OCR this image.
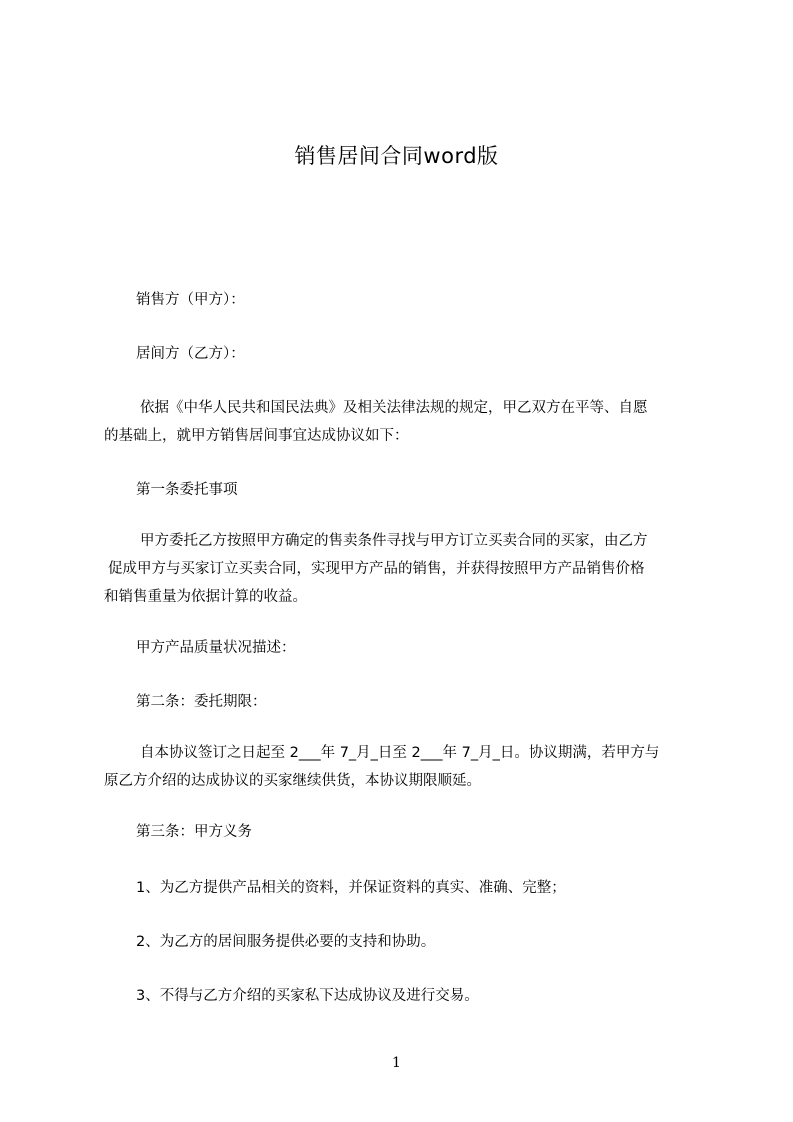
销售居间合同word版
销售方（甲方）：
居间方（乙方）：
依据《中华人民共和国民法典》及相关法律法规的规定，甲乙双方在平等、自愿
的基础上，就甲方销售居间事宜达成协议如下：
第一条委托事项
甲方委托乙方按照甲方确定的售卖条件寻找与甲方订立买卖合同的买家，由乙方
促成甲方与买家订立买卖合同，实现甲方产品的销售，并获得按照甲方产品销售价格
和销售重量为依据计算的收益。
甲方产品质量状况描述：
第二条：委托期限：
自本协议签订之日起至 2___年 7_月_日至 2___年 7_月_日。协议期满，若甲方与
原乙方介绍的达成协议的买家继续供货，本协议期限顺延。
第三条：甲方义务
1、为乙方提供产品相关的资料，并保证资料的真实、准确、完整；
2、为乙方的居间服务提供必要的支持和协助。
3、不得与乙方介绍的买家私下达成协议及进行交易。
1
